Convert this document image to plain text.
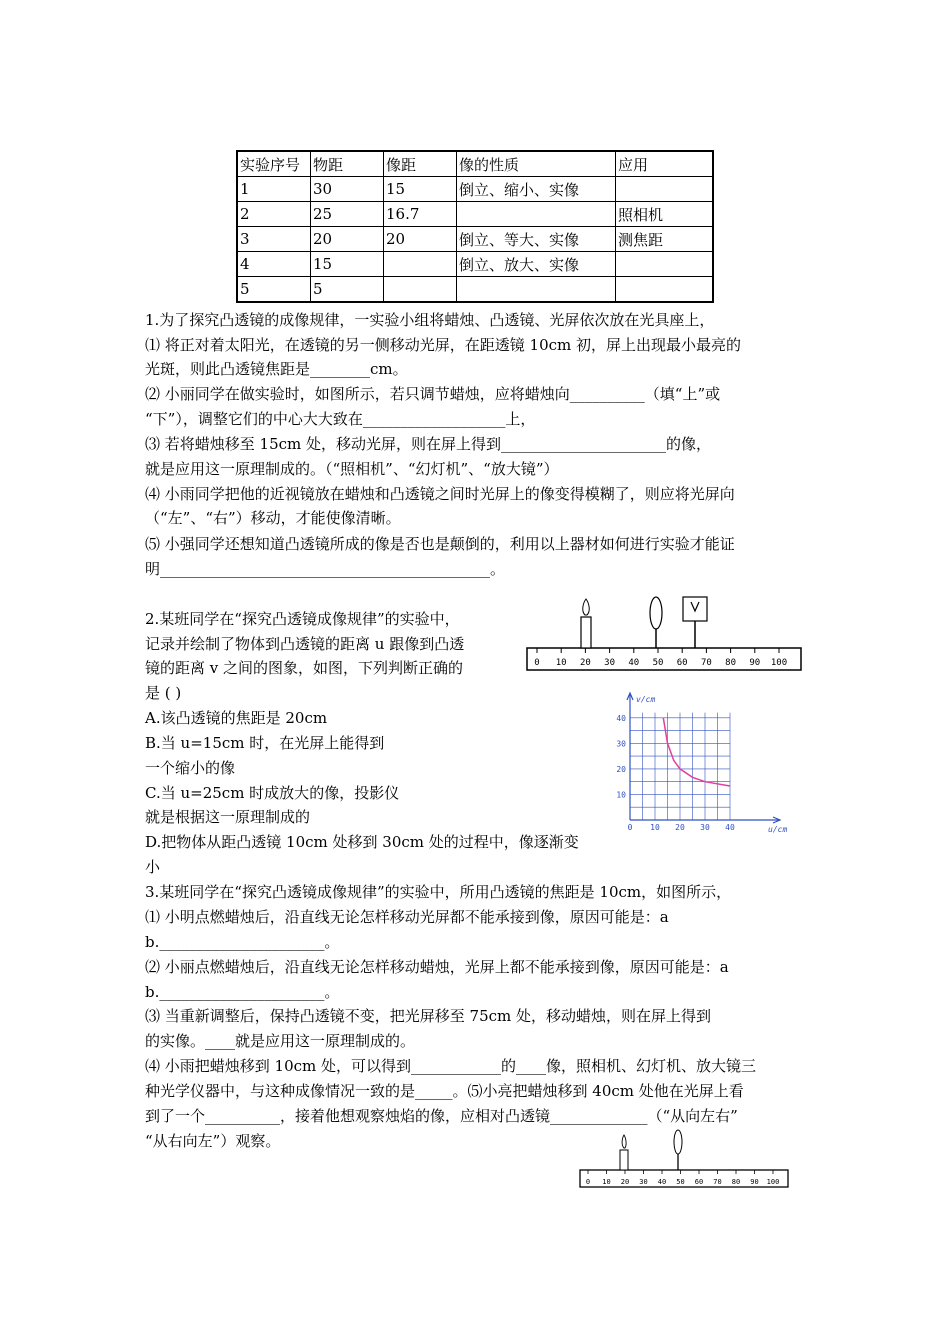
实验序号	物距	像距	像的性质	应用
1	30	15	倒立、缩小、实像	
2	25	16.7		照相机
3	20	20	倒立、等大、实像	测焦距
4	15		倒立、放大、实像	
5	5			
1.为了探究凸透镜的成像规律，一实验小组将蜡烛、凸透镜、光屏依次放在光具座上，
⑴ 将正对着太阳光，在透镜的另一侧移动光屏，在距透镜 10cm 初，屏上出现最小最亮的
光斑，则此凸透镜焦距是________cm。
⑵ 小丽同学在做实验时，如图所示，若只调节蜡烛，应将蜡烛向__________（填“上”或
“下”），调整它们的中心大大致在___________________上，
⑶ 若将蜡烛移至 15cm 处，移动光屏，则在屏上得到______________________的像，
就是应用这一原理制成的。（“照相机”、“幻灯机”、“放大镜”）
⑷ 小雨同学把他的近视镜放在蜡烛和凸透镜之间时光屏上的像变得模糊了，则应将光屏向
（“左”、“右”）移动，才能使像清晰。
⑸ 小强同学还想知道凸透镜所成的像是否也是颠倒的，利用以上器材如何进行实验才能证
明____________________________________________。
2.某班同学在“探究凸透镜成像规律”的实验中，
记录并绘制了物体到凸透镜的距离 u 跟像到凸透
镜的距离 v 之间的图象，如图，下列判断正确的
是 ( )
A.该凸透镜的焦距是 20cm
B.当 u=15cm 时，在光屏上能得到
一个缩小的像
C.当 u=25cm 时成放大的像，投影仪
就是根据这一原理制成的
D.把物体从距凸透镜 10cm 处移到 30cm 处的过程中，像逐渐变
小
3.某班同学在“探究凸透镜成像规律”的实验中，所用凸透镜的焦距是 10cm，如图所示，
⑴ 小明点燃蜡烛后，沿直线无论怎样移动光屏都不能承接到像，原因可能是：a
b.______________________。
⑵ 小丽点燃蜡烛后，沿直线无论怎样移动蜡烛，光屏上都不能承接到像，原因可能是：a
b.______________________。
⑶ 当重新调整后，保持凸透镜不变，把光屏移至 75cm 处，移动蜡烛，则在屏上得到
的实像。____就是应用这一原理制成的。
⑷ 小雨把蜡烛移到 10cm 处，可以得到____________的____像，照相机、幻灯机、放大镜三
种光学仪器中，与这种成像情况一致的是_____。⑸小亮把蜡烛移到 40cm 处他在光屏上看
到了一个__________，接着他想观察烛焰的像，应相对凸透镜_____________（“从向左右”
“从右向左”）观察。
0 10 20 30 40 50 60 70 80 90 100
0 10 20 30 40
10
20
30
40
v/cm
u/cm
0 10 20 30 40 50 60 70 80 90 100
